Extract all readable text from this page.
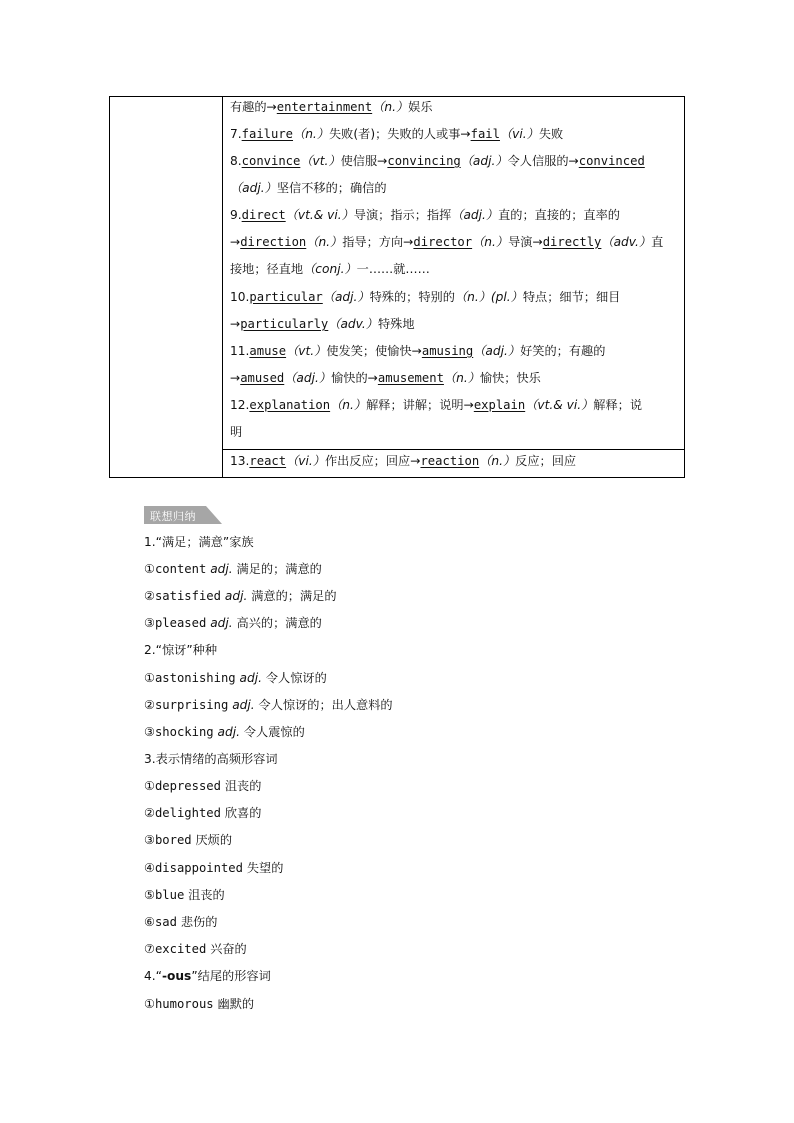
有趣的→entertainment（n.）娱乐
7.failure（n.）失败(者)；失败的人或事→fail（vi.）失败
8.convince（vt.）使信服→convincing（adj.）令人信服的→convinced
（adj.）坚信不移的；确信的
9.direct（vt.& vi.）导演；指示；指挥（adj.）直的；直接的；直率的
→direction（n.）指导；方向→director（n.）导演→directly（adv.）直
接地；径直地（conj.）一……就……
10.particular（adj.）特殊的；特别的（n.）(pl.）特点；细节；细目
→particularly（adv.）特殊地
11.amuse（vt.）使发笑；使愉快→amusing（adj.）好笑的；有趣的
→amused（adj.）愉快的→amusement（n.）愉快；快乐
12.explanation（n.）解释；讲解；说明→explain（vt.& vi.）解释；说
明
13.react（vi.）作出反应；回应→reaction（n.）反应；回应
联想归纳
1.“满足；满意”家族
①content adj. 满足的；满意的
②satisfied adj. 满意的；满足的
③pleased adj. 高兴的；满意的
2.“惊讶”种种
①astonishing adj. 令人惊讶的
②surprising adj. 令人惊讶的；出人意料的
③shocking adj. 令人震惊的
3.表示情绪的高频形容词
①depressed 沮丧的
②delighted 欣喜的
③bored 厌烦的
④disappointed 失望的
⑤blue 沮丧的
⑥sad 悲伤的
⑦excited 兴奋的
4.“-ous”结尾的形容词
①humorous 幽默的
